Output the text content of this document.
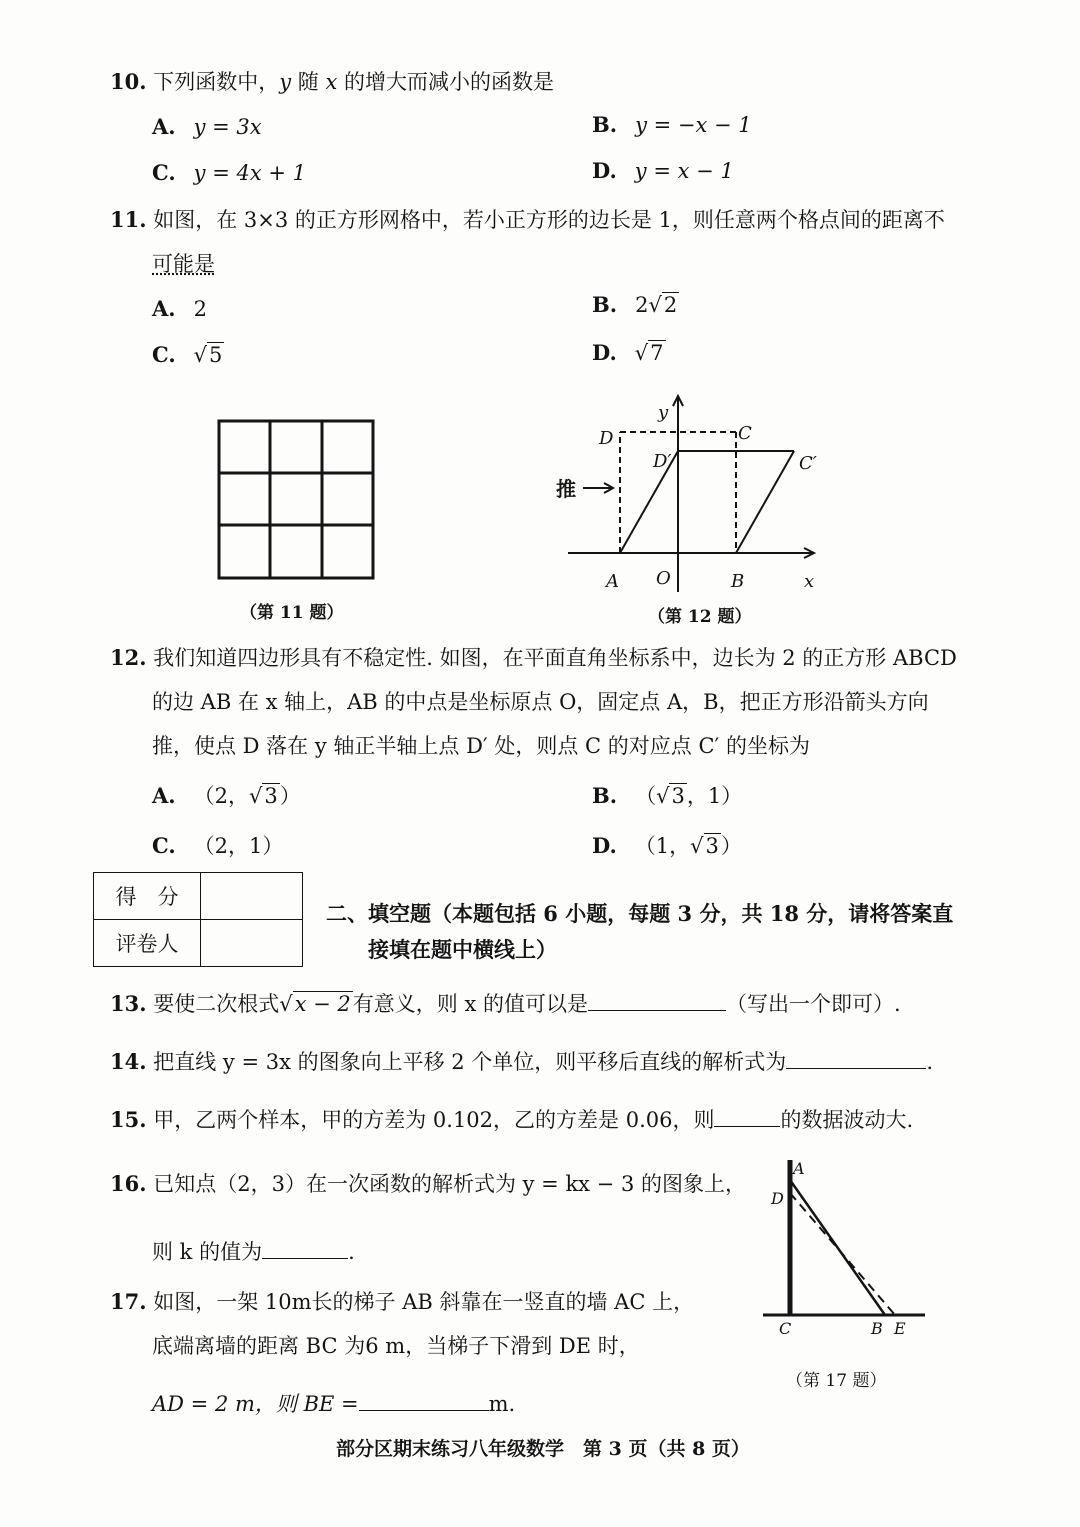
10. 下列函数中，y 随 x 的增大而减小的函数是
A. y = 3x	B. y = −x − 1
C. y = 4x + 1	D. y = x − 1
11. 如图，在 3×3 的正方形网格中，若小正方形的边长是 1，则任意两个格点间的距离不
可能是
A. 2	B. 2√2
C. √5	D. √7
（第 11 题）
y
x
D	C
D′	C′
A O	B
推
（第 12 题）
12. 我们知道四边形具有不稳定性. 如图，在平面直角坐标系中，边长为 2 的正方形 ABCD
的边 AB 在 x 轴上，AB 的中点是坐标原点 O，固定点 A，B，把正方形沿箭头方向
推，使点 D 落在 y 轴正半轴上点 D′ 处，则点 C 的对应点 C′ 的坐标为
A. （2，√3）	B. （√3，1）
C. （2，1）	D. （1，√3）
得　分	
评卷人	
二、填空题（本题包括 6 小题，每题 3 分，共 18 分，请将答案直
接填在题中横线上）
13. 要使二次根式√x − 2有意义，则 x 的值可以是	（写出一个即可）.
14. 把直线 y = 3x 的图象向上平移 2 个单位，则平移后直线的解析式为	.
15. 甲，乙两个样本，甲的方差为 0.102，乙的方差是 0.06，则	的数据波动大.
16. 已知点（2，3）在一次函数的解析式为 y = kx − 3 的图象上，
则 k 的值为	.
17. 如图，一架 10m长的梯子 AB 斜靠在一竖直的墙 AC 上，
底端离墙的距离 BC 为6 m，当梯子下滑到 DE 时，
AD = 2 m，则 BE =	m.
A
D
C	B E
（第 17 题）
部分区期末练习八年级数学　第 3 页（共 8 页）
